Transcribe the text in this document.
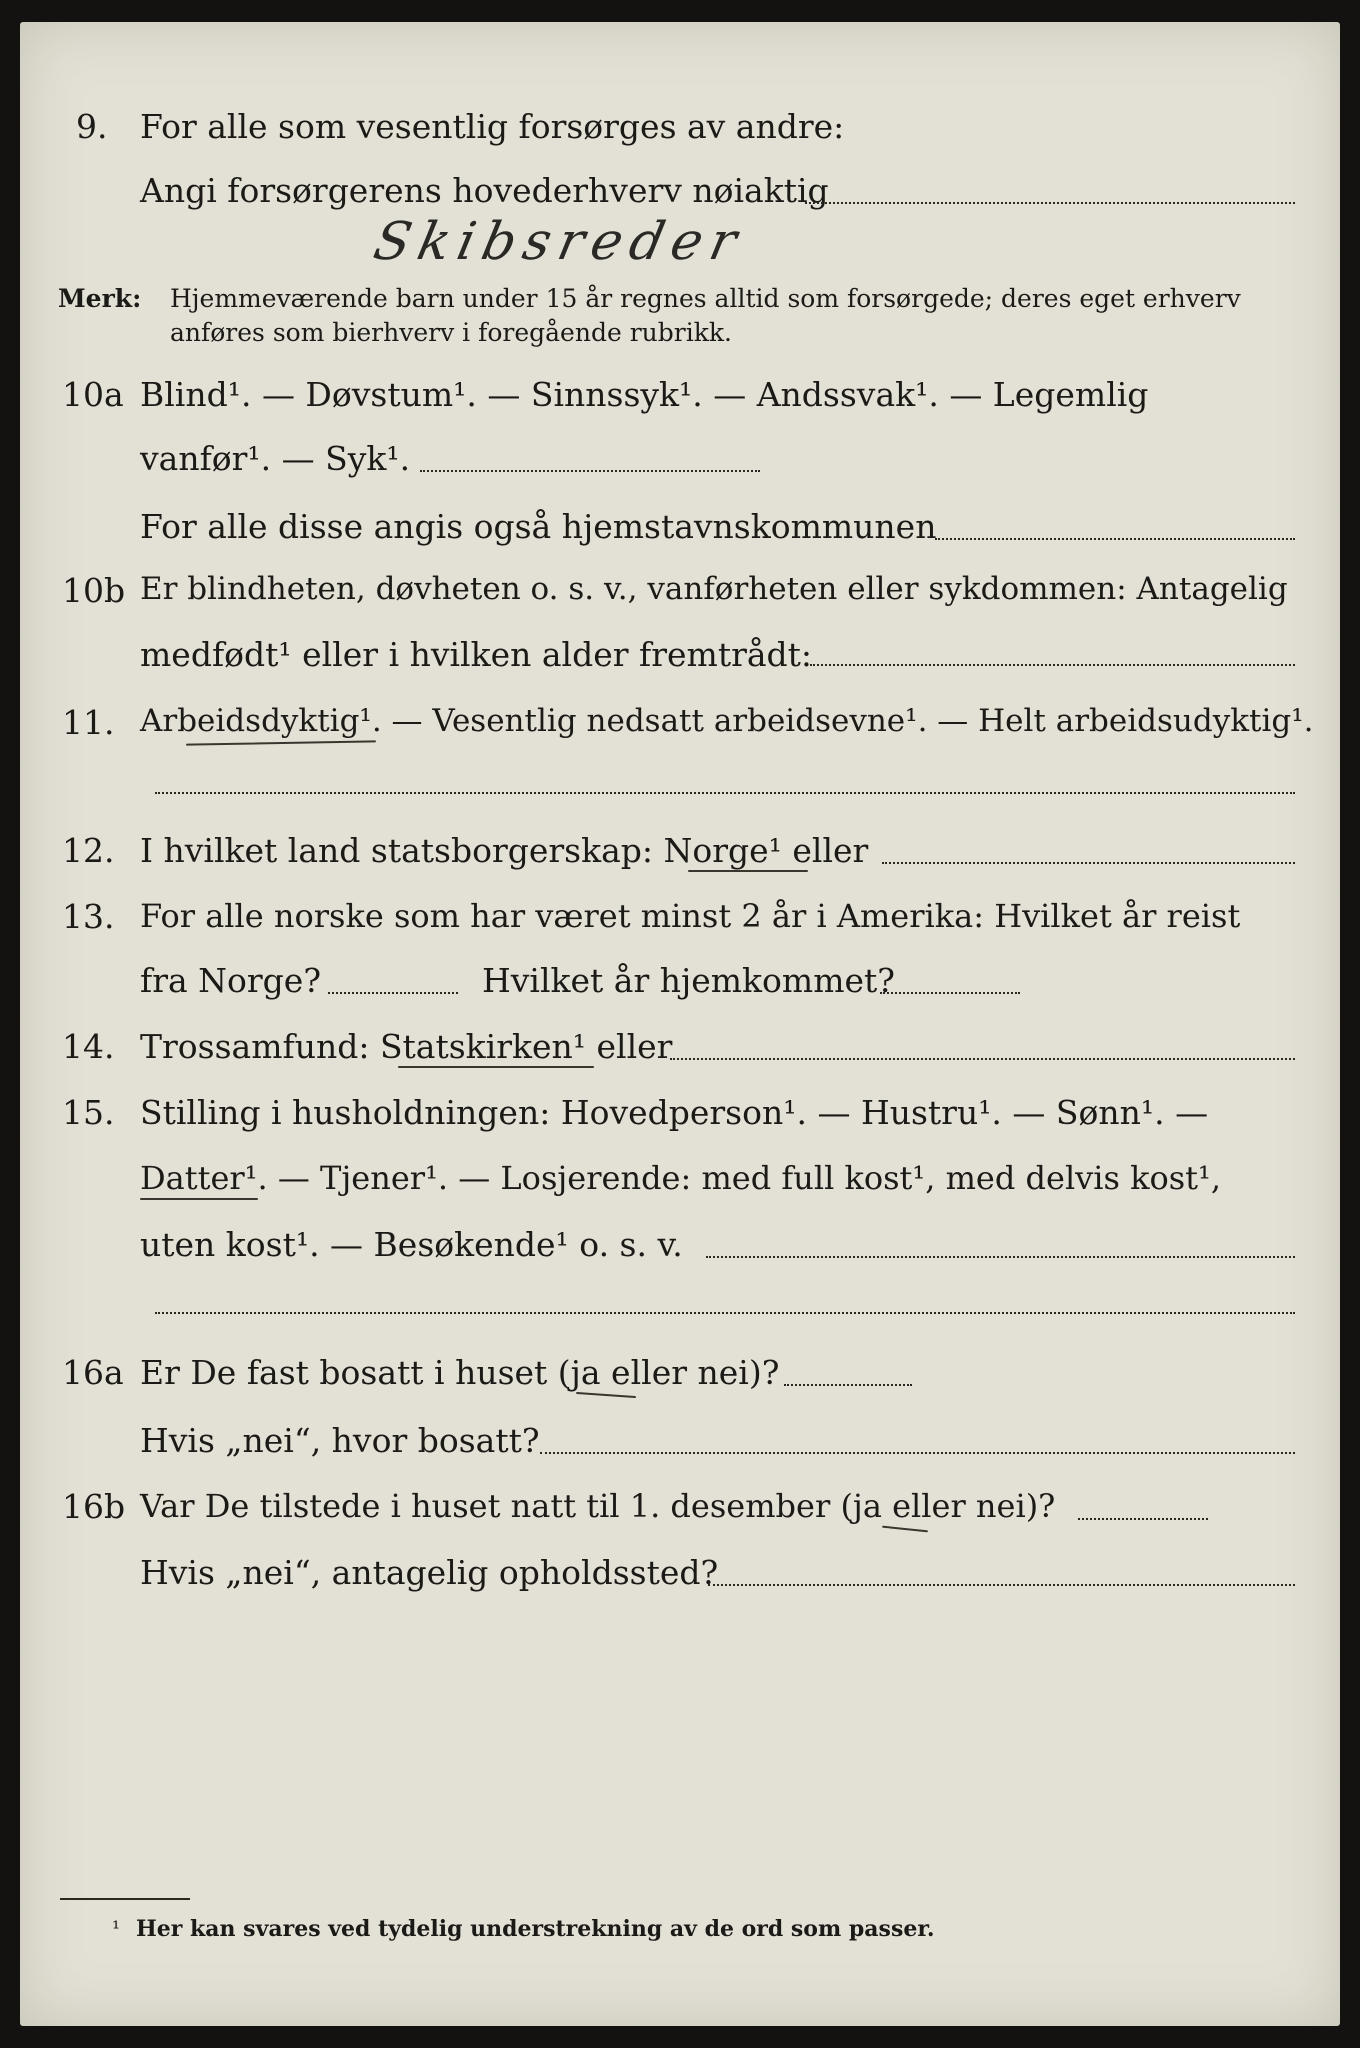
9. For alle som vesentlig forsørges av andre:
Angi forsørgerens hovederhverv nøiaktig
Skibsreder
Merk: Hjemmeværende barn under 15 år regnes alltid som forsørgede; deres eget erhverv
anføres som bierhverv i foregående rubrikk.
10a Blind¹. — Døvstum¹. — Sinnssyk¹. — Andssvak¹. — Legemlig
vanfør¹. — Syk¹.
For alle disse angis også hjemstavnskommunen
10b Er blindheten, døvheten o. s. v., vanførheten eller sykdommen: Antagelig
medfødt¹ eller i hvilken alder fremtrådt:
11. Arbeidsdyktig¹. — Vesentlig nedsatt arbeidsevne¹. — Helt arbeidsudyktig¹.
12. I hvilket land statsborgerskap: Norge¹ eller
13. For alle norske som har været minst 2 år i Amerika: Hvilket år reist
fra Norge?	Hvilket år hjemkommet?
14. Trossamfund: Statskirken¹ eller
15. Stilling i husholdningen: Hovedperson¹. — Hustru¹. — Sønn¹. —
Datter¹. — Tjener¹. — Losjerende: med full kost¹, med delvis kost¹,
uten kost¹. — Besøkende¹ o. s. v.
16a Er De fast bosatt i huset (ja eller nei)?
Hvis „nei“, hvor bosatt?
16b Var De tilstede i huset natt til 1. desember (ja eller nei)?
Hvis „nei“, antagelig opholdssted?
¹ Her kan svares ved tydelig understrekning av de ord som passer.
